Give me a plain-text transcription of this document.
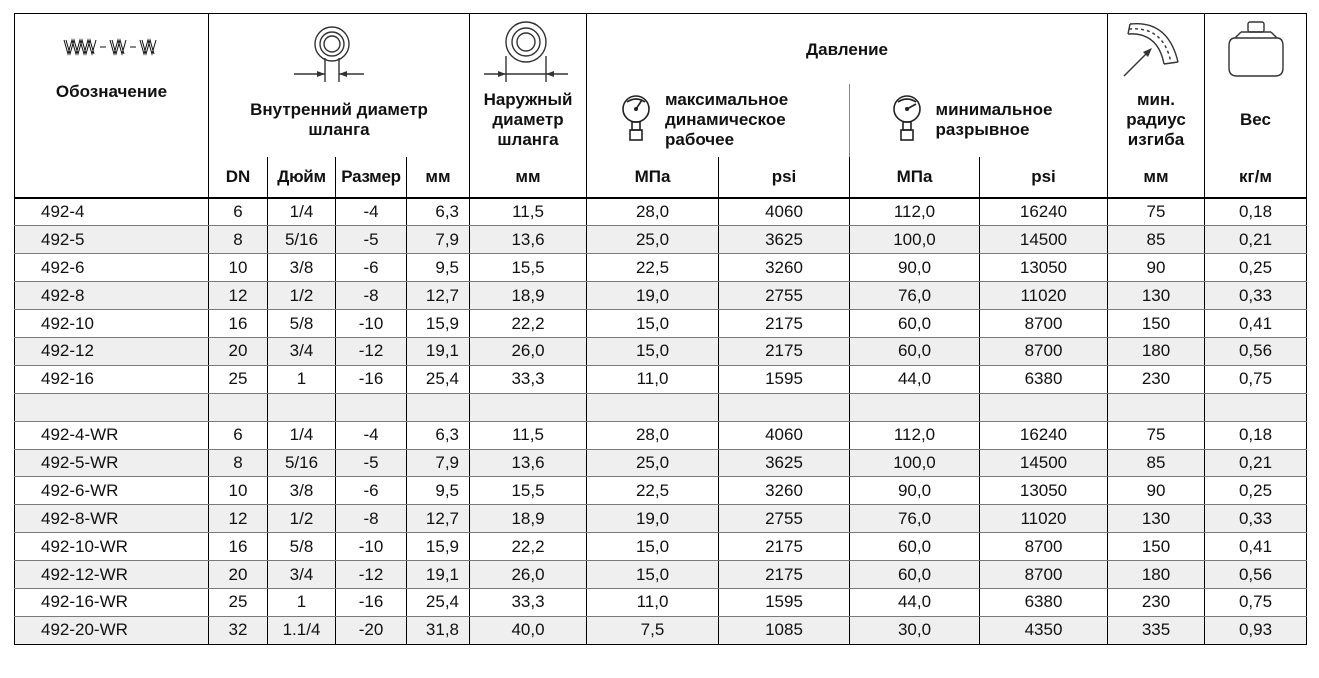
Обозначение						Давление

	Внутренний диаметр шланга				Наружный диаметр шланга	максимальное динамическое рабочее		минимальное разрывное		мин. радиус изгиба	Вес

	DN	Дюйм	Размер	мм	мм	МПа	psi	МПа	psi	мм	кг/м
492-4	6	1/4	-4	6,3	11,5	28,0	4060	112,0	16240	75	0,18
492-5	8	5/16	-5	7,9	13,6	25,0	3625	100,0	14500	85	0,21
492-6	10	3/8	-6	9,5	15,5	22,5	3260	90,0	13050	90	0,25
492-8	12	1/2	-8	12,7	18,9	19,0	2755	76,0	11020	130	0,33
492-10	16	5/8	-10	15,9	22,2	15,0	2175	60,0	8700	150	0,41
492-12	20	3/4	-12	19,1	26,0	15,0	2175	60,0	8700	180	0,56
492-16	25	1	-16	25,4	33,3	11,0	1595	44,0	6380	230	0,75

492-4-WR	6	1/4	-4	6,3	11,5	28,0	4060	112,0	16240	75	0,18
492-5-WR	8	5/16	-5	7,9	13,6	25,0	3625	100,0	14500	85	0,21
492-6-WR	10	3/8	-6	9,5	15,5	22,5	3260	90,0	13050	90	0,25
492-8-WR	12	1/2	-8	12,7	18,9	19,0	2755	76,0	11020	130	0,33
492-10-WR	16	5/8	-10	15,9	22,2	15,0	2175	60,0	8700	150	0,41
492-12-WR	20	3/4	-12	19,1	26,0	15,0	2175	60,0	8700	180	0,56
492-16-WR	25	1	-16	25,4	33,3	11,0	1595	44,0	6380	230	0,75
492-20-WR	32	1.1/4	-20	31,8	40,0	7,5	1085	30,0	4350	335	0,93
